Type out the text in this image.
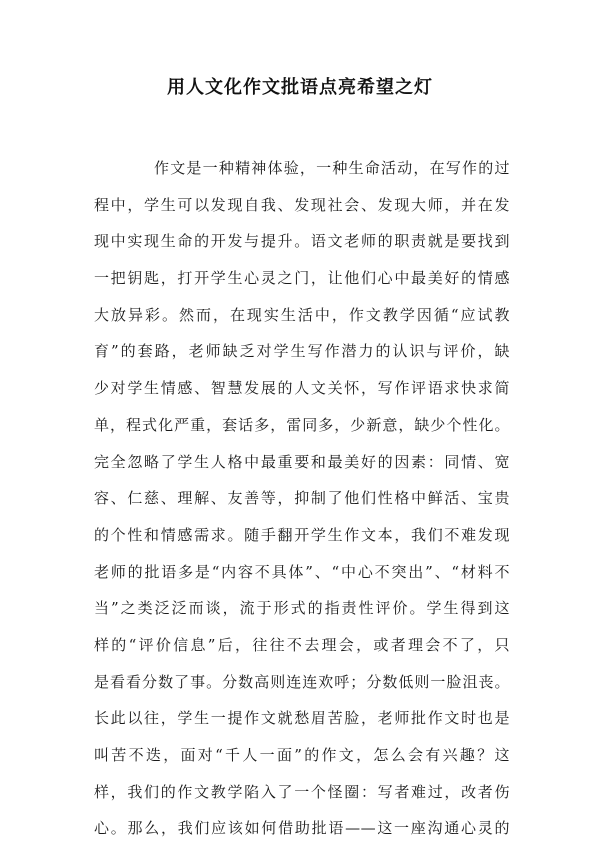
用人文化作文批语点亮希望之灯
作文是一种精神体验，一种生命活动，在写作的过
程中，学生可以发现自我、发现社会、发现大师，并在发
现中实现生命的开发与提升。语文老师的职责就是要找到
一把钥匙，打开学生心灵之门，让他们心中最美好的情感
大放异彩。然而，在现实生活中，作文教学因循“应试教
育”的套路，老师缺乏对学生写作潜力的认识与评价，缺
少对学生情感、智慧发展的人文关怀，写作评语求快求简
单，程式化严重，套话多，雷同多，少新意，缺少个性化。
完全忽略了学生人格中最重要和最美好的因素：同情、宽
容、仁慈、理解、友善等，抑制了他们性格中鲜活、宝贵
的个性和情感需求。随手翻开学生作文本，我们不难发现
老师的批语多是“内容不具体”、“中心不突出”、“材料不
当”之类泛泛而谈，流于形式的指责性评价。学生得到这
样的“评价信息”后，往往不去理会，或者理会不了，只
是看看分数了事。分数高则连连欢呼；分数低则一脸沮丧。
长此以往，学生一提作文就愁眉苦脸，老师批作文时也是
叫苦不迭，面对“千人一面”的作文，怎么会有兴趣？这
样，我们的作文教学陷入了一个怪圈：写者难过，改者伤
心。那么，我们应该如何借助批语——这一座沟通心灵的
